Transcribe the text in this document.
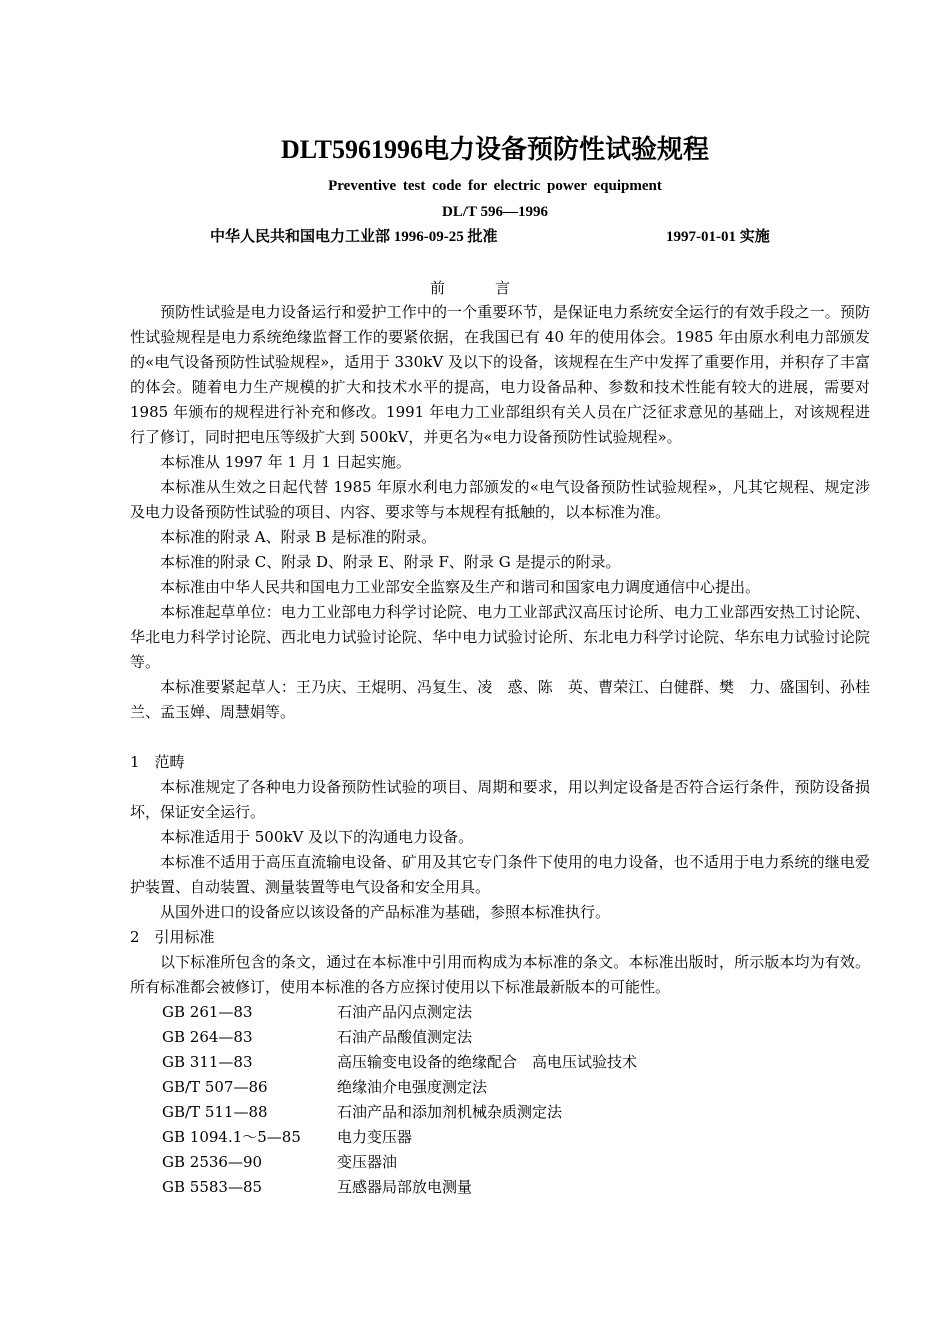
DLT5961996电力设备预防性试验规程
Preventive test code for electric power equipment
DL/T 596—1996
中华人民共和国电力工业部 1996-09-25 批准	1997-01-01 实施
前言

预防性试验是电力设备运行和爱护工作中的一个重要环节，是保证电力系统安全运行的有效手段之一。预防性试验规程是电力系统绝缘监督工作的要紧依据，在我国已有 40 年的使用体会。1985 年由原水利电力部颁发的«电气设备预防性试验规程»，适用于 330kV 及以下的设备，该规程在生产中发挥了重要作用，并积存了丰富的体会。随着电力生产规模的扩大和技术水平的提高，电力设备品种、参数和技术性能有较大的进展，需要对 1985 年颁布的规程进行补充和修改。1991 年电力工业部组织有关人员在广泛征求意见的基础上，对该规程进行了修订，同时把电压等级扩大到 500kV，并更名为«电力设备预防性试验规程»。

本标准从 1997 年 1 月 1 日起实施。

本标准从生效之日起代替 1985 年原水利电力部颁发的«电气设备预防性试验规程»，凡其它规程、规定涉及电力设备预防性试验的项目、内容、要求等与本规程有抵触的，以本标准为准。

本标准的附录 A、附录 B 是标准的附录。

本标准的附录 C、附录 D、附录 E、附录 F、附录 G 是提示的附录。

本标准由中华人民共和国电力工业部安全监察及生产和谐司和国家电力调度通信中心提出。

本标准起草单位：电力工业部电力科学讨论院、电力工业部武汉高压讨论所、电力工业部西安热工讨论院、华北电力科学讨论院、西北电力试验讨论院、华中电力试验讨论所、东北电力科学讨论院、华东电力试验讨论院等。

本标准要紧起草人：王乃庆、王焜明、冯复生、凌　惑、陈　英、曹荣江、白健群、樊　力、盛国钊、孙桂兰、孟玉婵、周慧娟等。

1　范畴

本标准规定了各种电力设备预防性试验的项目、周期和要求，用以判定设备是否符合运行条件，预防设备损坏，保证安全运行。

本标准适用于 500kV 及以下的沟通电力设备。

本标准不适用于高压直流输电设备、矿用及其它专门条件下使用的电力设备，也不适用于电力系统的继电爱护装置、自动装置、测量装置等电气设备和安全用具。

从国外进口的设备应以该设备的产品标准为基础，参照本标准执行。

2　引用标准

以下标准所包含的条文，通过在本标准中引用而构成为本标准的条文。本标准出版时，所示版本均为有效。所有标准都会被修订，使用本标准的各方应探讨使用以下标准最新版本的可能性。

GB 261—83	石油产品闪点测定法
GB 264—83	石油产品酸值测定法
GB 311—83	高压输变电设备的绝缘配合　高电压试验技术
GB/T 507—86	绝缘油介电强度测定法
GB/T 511—88	石油产品和添加剂机械杂质测定法
GB 1094.1～5—85	电力变压器
GB 2536—90	变压器油
GB 5583—85	互感器局部放电测量
